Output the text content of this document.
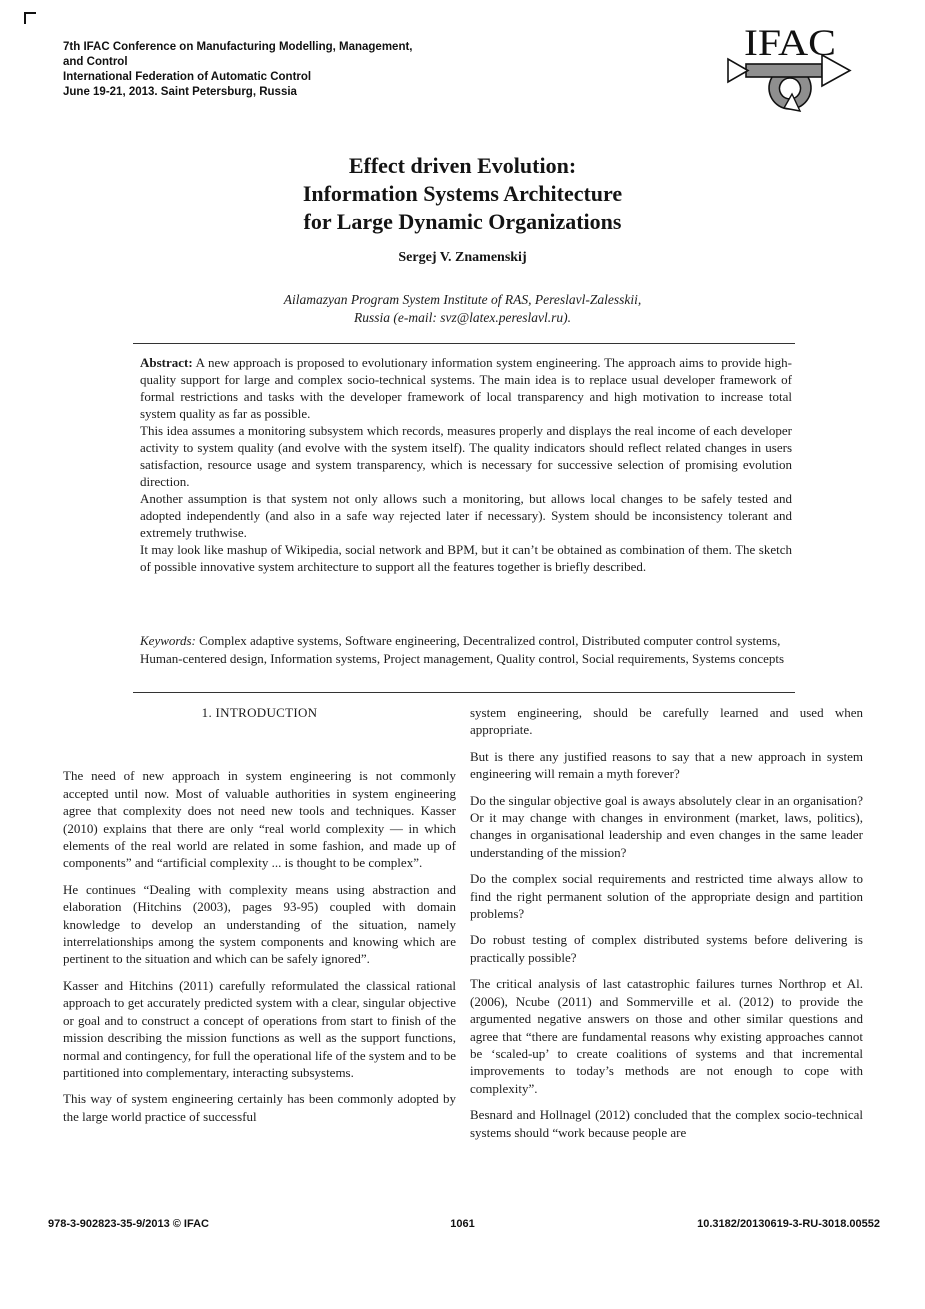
7th IFAC Conference on Manufacturing Modelling, Management,
and Control
International Federation of Automatic Control
June 19-21, 2013. Saint Petersburg, Russia
IFAC
Effect driven Evolution:
Information Systems Architecture
for Large Dynamic Organizations
Sergej V. Znamenskij
Ailamazyan Program System Institute of RAS, Pereslavl-Zalesskii,
Russia (e-mail: svz@latex.pereslavl.ru).

Abstract: A new approach is proposed to evolutionary information system engineering. The approach aims to provide high-quality support for large and complex socio-technical systems. The main idea is to replace usual developer framework of formal restrictions and tasks with the developer framework of local transparency and high motivation to increase total system quality as far as possible.

This idea assumes a monitoring subsystem which records, measures properly and displays the real income of each developer activity to system quality (and evolve with the system itself). The quality indicators should reflect related changes in users satisfaction, resource usage and system transparency, which is necessary for successive selection of promising evolution direction.

Another assumption is that system not only allows such a monitoring, but allows local changes to be safely tested and adopted independently (and also in a safe way rejected later if necessary). System should be inconsistency tolerant and extremely truthwise.

It may look like mashup of Wikipedia, social network and BPM, but it can’t be obtained as combination of them. The sketch of possible innovative system architecture to support all the features together is briefly described.

Keywords: Complex adaptive systems, Software engineering, Decentralized control, Distributed computer control systems, Human-centered design, Information systems, Project management, Quality control, Social requirements, Systems concepts
1. INTRODUCTION

The need of new approach in system engineering is not commonly accepted until now. Most of valuable authorities in system engineering agree that complexity does not need new tools and techniques. Kasser (2010) explains that there are only “real world complexity — in which elements of the real world are related in some fashion, and made up of components” and “artificial complexity ... is thought to be complex”.

He continues “Dealing with complexity means using abstraction and elaboration (Hitchins (2003), pages 93-95) coupled with domain knowledge to develop an understanding of the situation, namely interrelationships among the system components and knowing which are pertinent to the situation and which can be safely ignored”.

Kasser and Hitchins (2011) carefully reformulated the classical rational approach to get accurately predicted system with a clear, singular objective or goal and to construct a concept of operations from start to finish of the mission describing the mission functions as well as the support functions, normal and contingency, for full the operational life of the system and to be partitioned into complementary, interacting subsystems.

This way of system engineering certainly has been commonly adopted by the large world practice of successful

system engineering, should be carefully learned and used when appropriate.

But is there any justified reasons to say that a new approach in system engineering will remain a myth forever?

Do the singular objective goal is aways absolutely clear in an organisation? Or it may change with changes in environment (market, laws, politics), changes in organisational leadership and even changes in the same leader understanding of the mission?

Do the complex social requirements and restricted time always allow to find the right permanent solution of the appropriate design and partition problems?

Do robust testing of complex distributed systems before delivering is practically possible?

The critical analysis of last catastrophic failures turnes Northrop et Al. (2006), Ncube (2011) and Sommerville et al. (2012) to provide the argumented negative answers on those and other similar questions and agree that “there are fundamental reasons why existing approaches cannot be ‘scaled-up’ to create coalitions of systems and that incremental improvements to today’s methods are not enough to cope with complexity”.

Besnard and Hollnagel (2012) concluded that the complex socio-technical systems should “work because people are

978-3-902823-35-9/2013 © IFAC	1061	10.3182/20130619-3-RU-3018.00552
